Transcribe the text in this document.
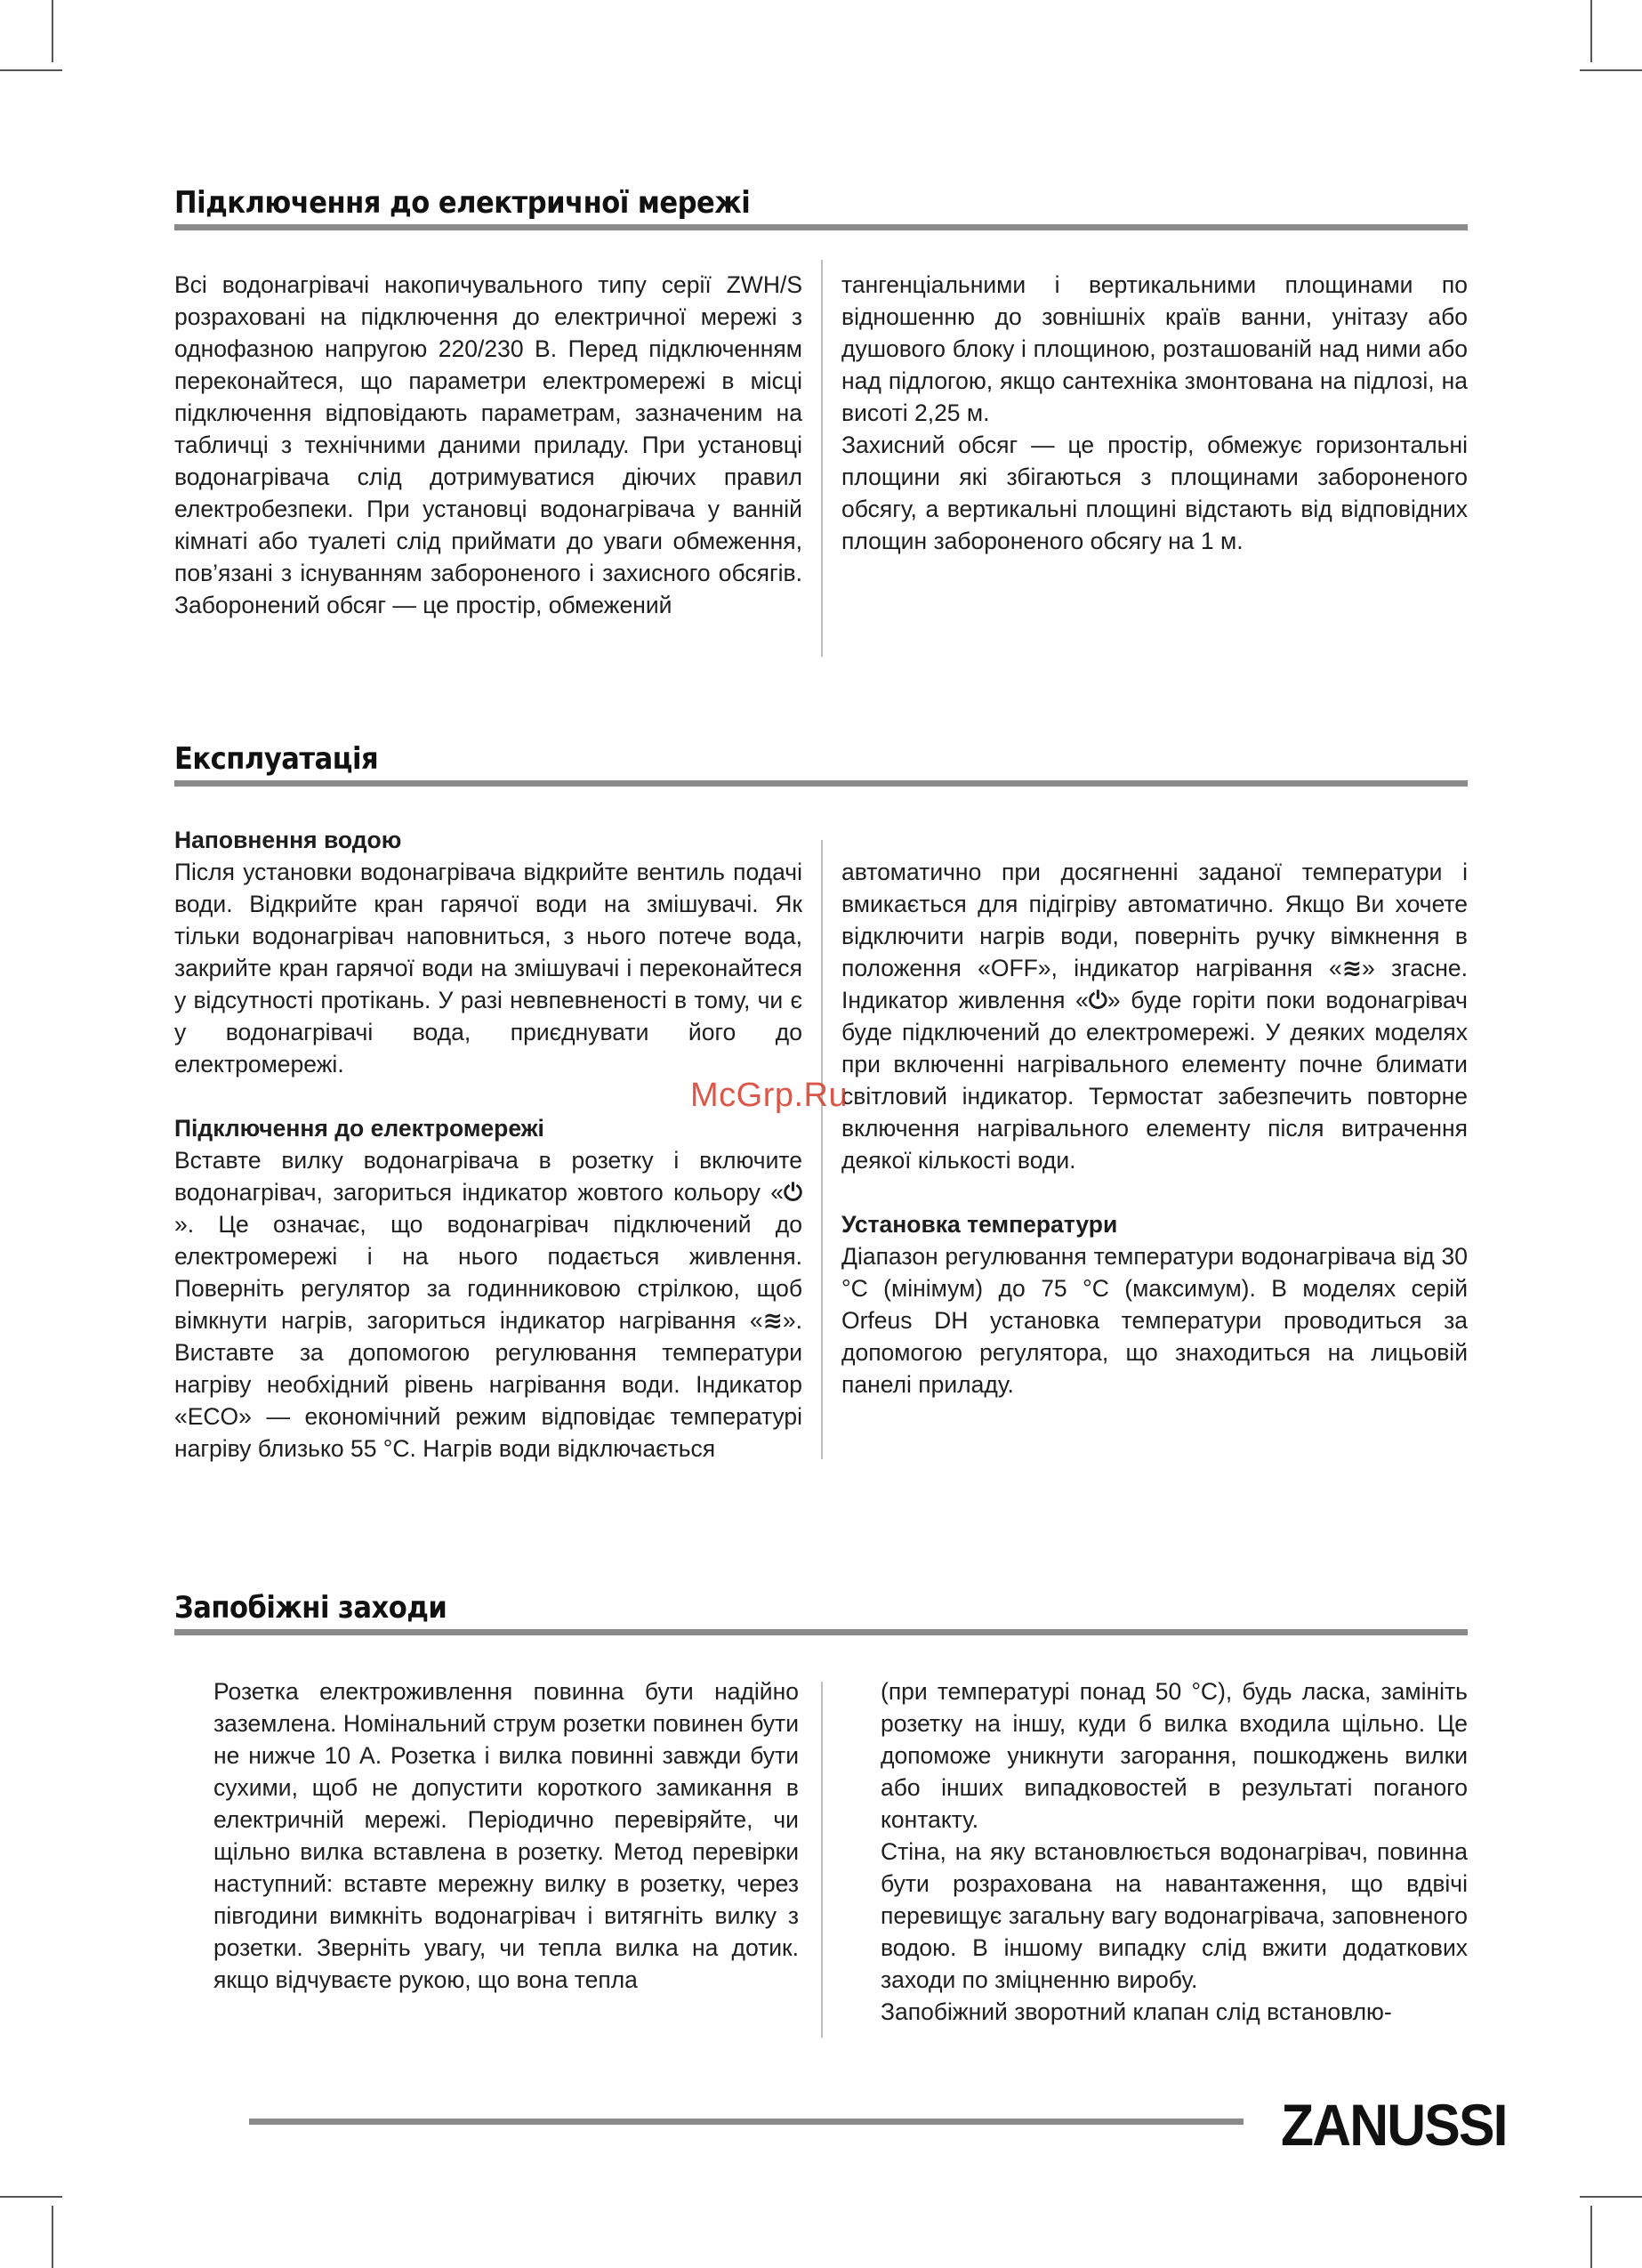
Підключення до електричної мережі

Всі водонагрівачі накопичувального типу серії ZWH/S розраховані на підключення до електричної мережі з однофазною напругою 220/230 В. Перед підключенням переконайтеся, що параметри електромережі в місці підключення відповідають параметрам, зазначеним на табличці з технічними даними приладу. При установці водонагрівача слід дотримуватися діючих правил електробезпеки. При установці водонагрівача у ванній кімнаті або туалеті слід приймати до уваги обмеження, пов’язані з існуванням забороненого і захисного обсягів. Заборонений обсяг — це простір, обмежений

тангенціальними і вертикальними площинами по відношенню до зовнішніх країв ванни, унітазу або душового блоку і площиною, розташованій над ними або над підлогою, якщо сантехніка змонтована на підлозі, на висоті 2,25 м.

Захисний обсяг — це простір, обмежує горизонтальні площини які збігаються з площинами забороненого обсягу, а вертикальні площині відстають від відповідних площин забороненого обсягу на 1 м.

Експлуатація

Наповнення водою

Після установки водонагрівача відкрийте вентиль подачі води. Відкрийте кран гарячої води на змішувачі. Як тільки водонагрівач наповниться, з нього потече вода, закрийте кран гарячої води на змішувачі і переконайтеся у відсутності протікань. У разі невпевненості в тому, чи є у водонагрівачі вода, приєднувати його до електромережі.

Підключення до електромережі

Вставте вилку водонагрівача в розетку і включите водонагрівач, загориться індикатор жовтого кольору «⏻». Це означає, що водонагрівач підключений до електромережі і на нього подається живлення. Поверніть регулятор за годинниковою стрілкою, щоб вімкнути нагрів, загориться індикатор нагрівання «≋». Виставте за допомогою регулювання температури нагріву необхідний рівень нагрівання води. Індикатор «ECO» — економічний режим відповідає температурі нагріву близько 55 °С. Нагрів води відключається

автоматично при досягненні заданої температури і вмикається для підігріву автоматично. Якщо Ви хочете відключити нагрів води, поверніть ручку вімкнення в положення «OFF», індикатор нагрівання «≋» згасне. Індикатор живлення «⏻» буде горіти поки водонагрівач буде підключений до електромережі. У деяких моделях при включенні нагрівального елементу почне блимати світловий індикатор. Термостат забезпечить повторне включення нагрівального елементу після витрачення деякої кількості води.

Установка температури

Діапазон регулювання температури водонагрівача від 30 °С (мінімум) до 75 °С (максимум). В моделях серій Orfeus DH установка температури проводиться за допомогою регулятора, що знаходиться на лицьовій панелі приладу.

McGrp.Ru
Запобіжні заходи

Розетка електроживлення повинна бути надійно заземлена. Номінальний струм розетки повинен бути не нижче 10 А. Розетка і вилка повинні завжди бути сухими, щоб не допустити короткого замикання в електричній мережі. Періодично перевіряйте, чи щільно вилка вставлена в розетку. Метод перевірки наступний: вставте мережну вилку в розетку, через півгодини вимкніть водонагрівач і витягніть вилку з розетки. Зверніть увагу, чи тепла вилка на дотик. якщо відчуваєте рукою, що вона тепла

(при температурі понад 50 °С), будь ласка, замініть розетку на іншу, куди б вилка входила щільно. Це допоможе уникнути загорання, пошкоджень вилки або інших випадковостей в результаті поганого контакту.

Стіна, на яку встановлюється водонагрівач, повинна бути розрахована на навантаження, що вдвічі перевищує загальну вагу водонагрівача, заповненого водою. В іншому випадку слід вжити додаткових заходи по зміцненню виробу.

Запобіжний зворотний клапан слід встановлю-

ZANUSSI
